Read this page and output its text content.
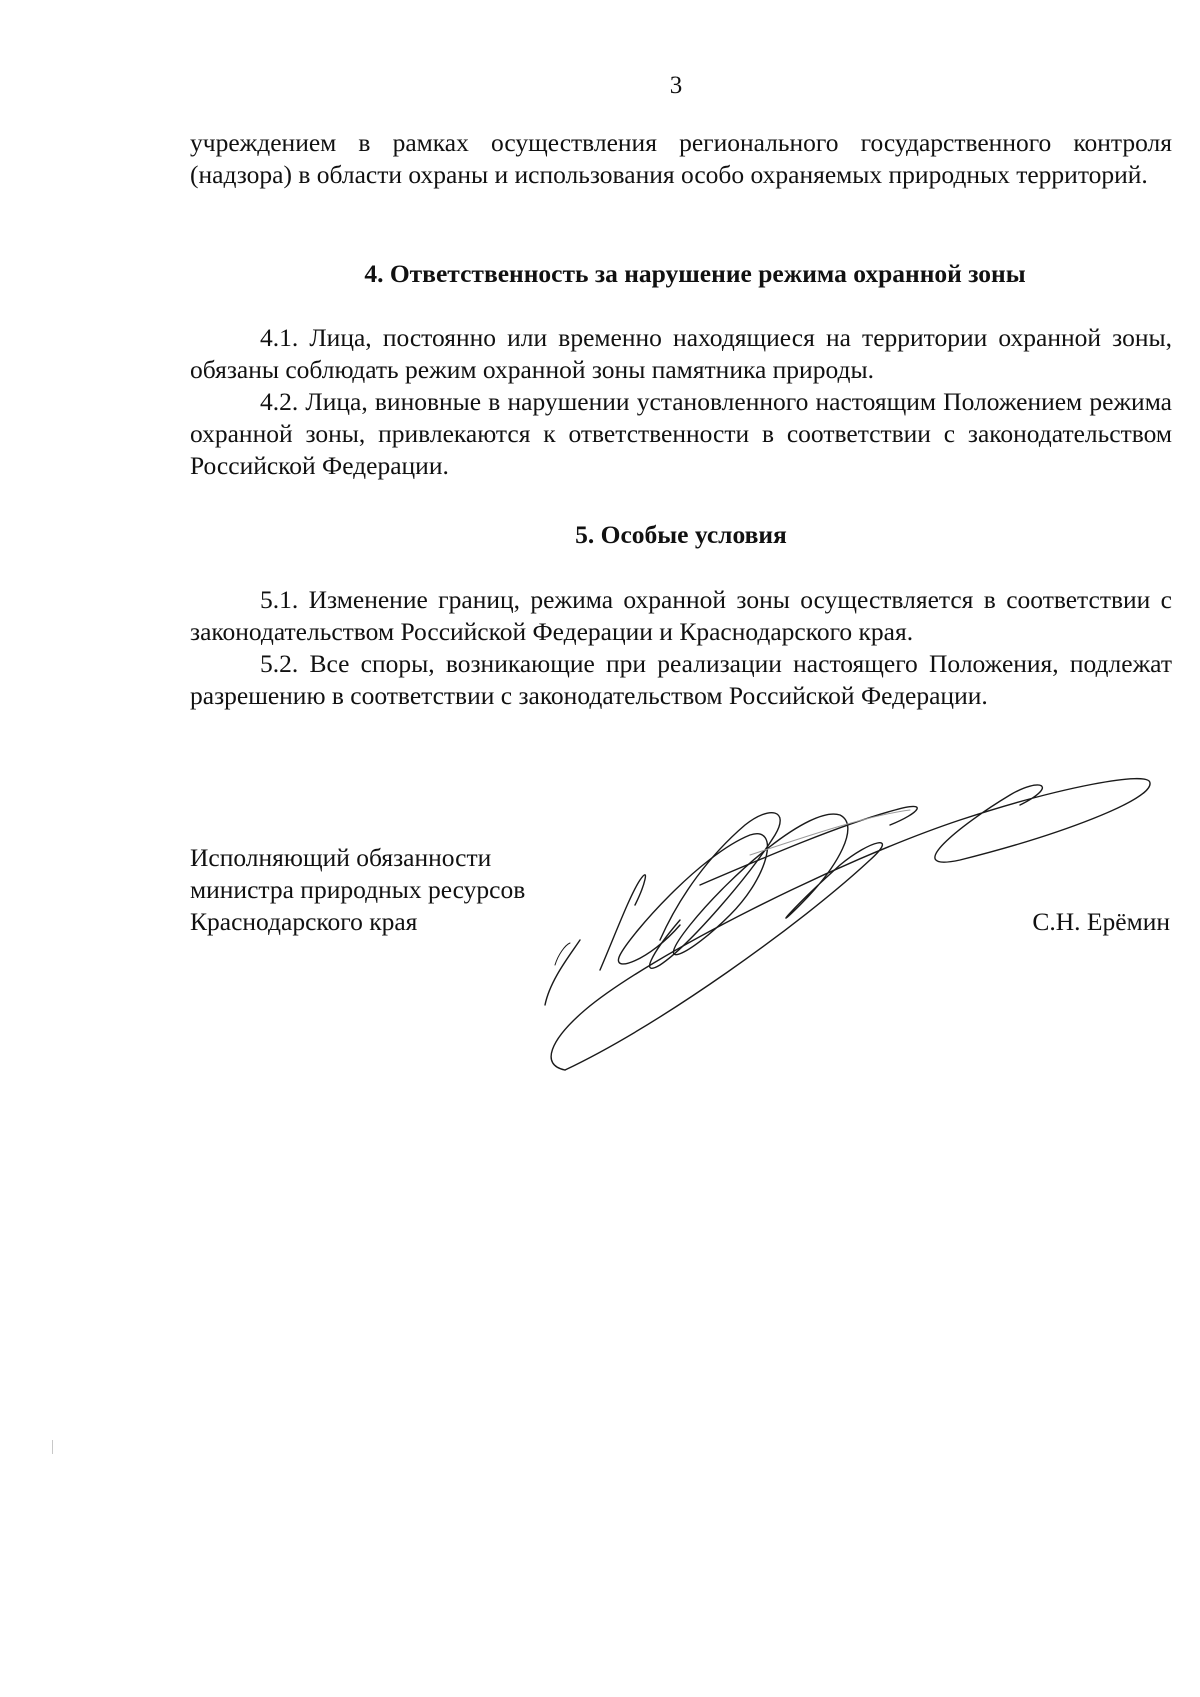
3

учреждением в рамках осуществления регионального государственного контроля (надзора) в области охраны и использования особо охраняемых природных территорий.

4. Ответственность за нарушение режима охранной зоны

4.1. Лица, постоянно или временно находящиеся на территории охранной зоны, обязаны соблюдать режим охранной зоны памятника природы.

4.2. Лица, виновные в нарушении установленного настоящим Положением режима охранной зоны, привлекаются к ответственности в соответствии с законодательством Российской Федерации.

5. Особые условия

5.1. Изменение границ, режима охранной зоны осуществляется в соответствии с законодательством Российской Федерации и Краснодарского края.

5.2. Все споры, возникающие при реализации настоящего Положения, подлежат разрешению в соответствии с законодательством Российской Федерации.

Исполняющий обязанности
министра природных ресурсов
Краснодарского края	С.Н. Ерёмин
